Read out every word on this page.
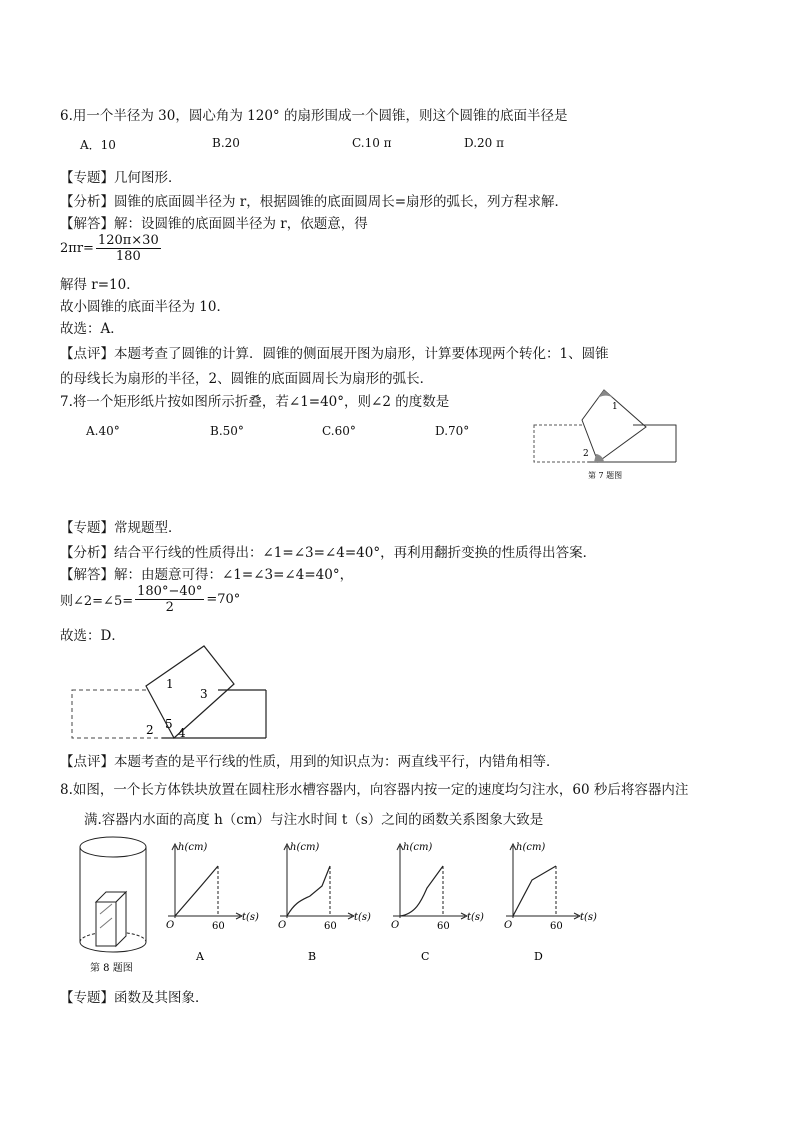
6.用一个半径为 30，圆心角为 120° 的扇形围成一个圆锥，则这个圆锥的底面半径是
A．10	B.20	C.10 π	D.20 π
【专题】几何图形．
【分析】圆锥的底面圆半径为 r，根据圆锥的底面圆周长=扇形的弧长，列方程求解．
【解答】解：设圆锥的底面圆半径为 r，依题意，得
$2\pi r= \frac{120\pi\times 30}{180}$
解得 r=10．
故小圆锥的底面半径为 10．
故选：A．
【点评】本题考查了圆锥的计算．圆锥的侧面展开图为扇形，计算要体现两个转化：1、圆锥
的母线长为扇形的半径，2、圆锥的底面圆周长为扇形的弧长．
7.将一个矩形纸片按如图所示折叠，若∠1=40°，则∠2 的度数是
A.40°	B.50°	C.60°	D.70°
1
2
第 7 题图
【专题】常规题型．
【分析】结合平行线的性质得出：∠1=∠3=∠4=40°，再利用翻折变换的性质得出答案．
【解答】解：由题意可得：∠1=∠3=∠4=40°，
则∠2=∠5= $\frac{180^\circ-40^\circ}{2} =70^\circ$
故选：D．
1
3
2 5
4
【点评】本题考查的是平行线的性质，用到的知识点为：两直线平行，内错角相等．
8.如图，一个长方体铁块放置在圆柱形水槽容器内，向容器内按一定的速度均匀注水，60 秒后将容器内注
满.容器内水面的高度 h（cm）与注水时间 t（s）之间的函数关系图象大致是
第 8 题图
h(cm)
t(s)
O	60
A
h(cm)
t(s)
O	60
B
h(cm)
t(s)
O	60
C
h(cm)
t(s)
O	60
D
【专题】函数及其图象．
